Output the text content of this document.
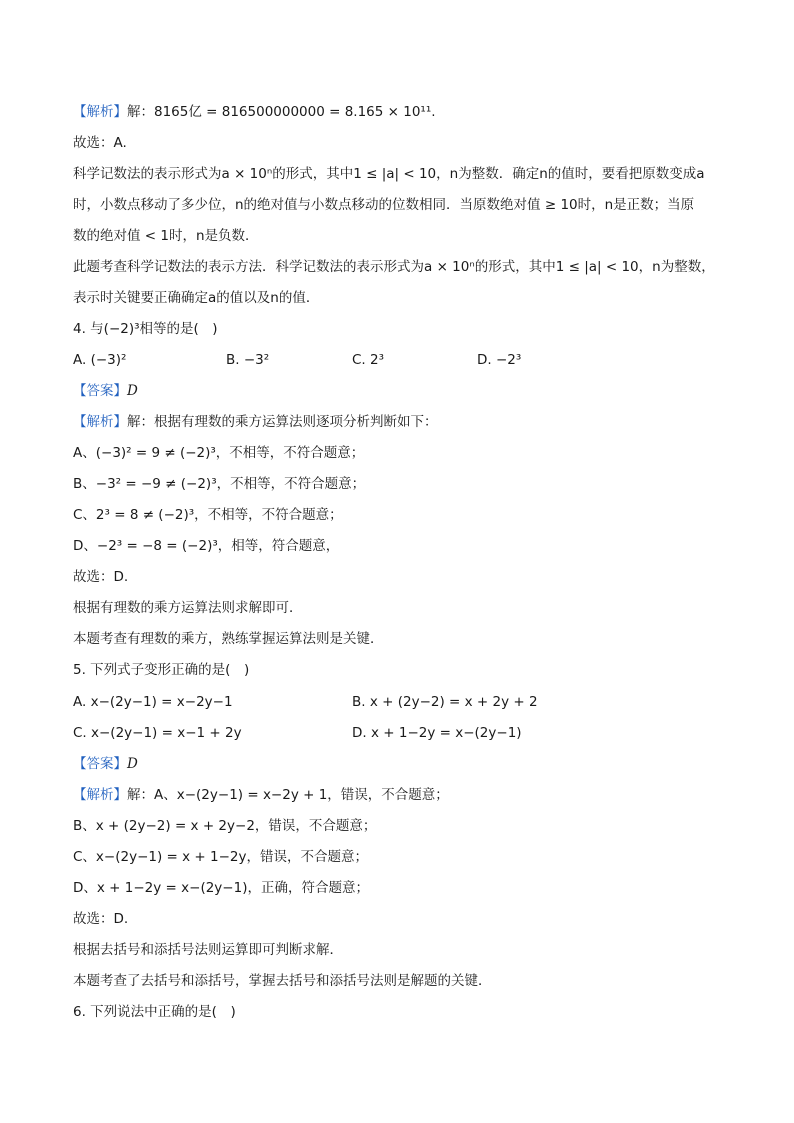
【解析】解：8165亿 = 816500000000 = 8.165 × 10¹¹.
故选：A.
科学记数法的表示形式为a × 10ⁿ的形式，其中1 ≤ |a| < 10，n为整数．确定n的值时，要看把原数变成a
时，小数点移动了多少位，n的绝对值与小数点移动的位数相同．当原数绝对值 ≥ 10时，n是正数；当原
数的绝对值 < 1时，n是负数．
此题考查科学记数法的表示方法．科学记数法的表示形式为a × 10ⁿ的形式，其中1 ≤ |a| < 10，n为整数，
表示时关键要正确确定a的值以及n的值．
4. 与(−2)³相等的是(　)
A. (−3)²	B. −3²	C. 2³	D. −2³
【答案】D
【解析】解：根据有理数的乘方运算法则逐项分析判断如下：
A、(−3)² = 9 ≠ (−2)³，不相等，不符合题意；
B、−3² = −9 ≠ (−2)³，不相等，不符合题意；
C、2³ = 8 ≠ (−2)³，不相等，不符合题意；
D、−2³ = −8 = (−2)³，相等，符合题意，
故选：D.
根据有理数的乘方运算法则求解即可．
本题考查有理数的乘方，熟练掌握运算法则是关键．
5. 下列式子变形正确的是(　)
A. x−(2y−1) = x−2y−1	B. x + (2y−2) = x + 2y + 2
C. x−(2y−1) = x−1 + 2y	D. x + 1−2y = x−(2y−1)
【答案】D
【解析】解：A、x−(2y−1) = x−2y + 1，错误，不合题意；
B、x + (2y−2) = x + 2y−2，错误，不合题意；
C、x−(2y−1) = x + 1−2y，错误，不合题意；
D、x + 1−2y = x−(2y−1)，正确，符合题意；
故选：D.
根据去括号和添括号法则运算即可判断求解．
本题考查了去括号和添括号，掌握去括号和添括号法则是解题的关键．
6. 下列说法中正确的是(　)
